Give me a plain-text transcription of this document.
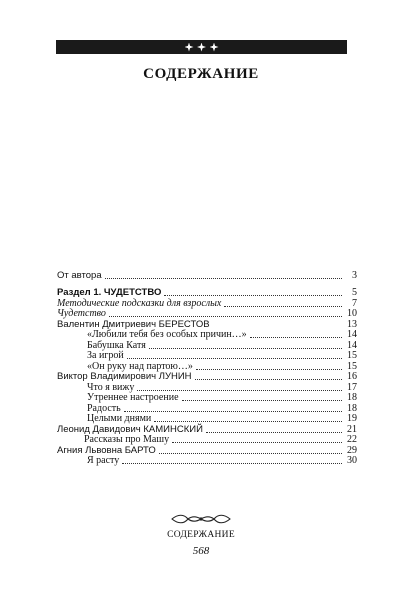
СОДЕРЖАНИЕ
От автора	3
Раздел 1. ЧУДЕТСТВО	5
Методические подсказки для взрослых	7
Чудетство	10
Валентин Дмитриевич БЕРЕСТОВ	13
«Любили тебя без особых причин…»	14
Бабушка Катя	14
За игрой	15
«Он руку над партою…»	15
Виктор Владимирович ЛУНИН	16
Что я вижу	17
Утреннее настроение	18
Радость	18
Целыми днями	19
Леонид Давидович КАМИНСКИЙ	21
Рассказы про Машу	22
Агния Львовна БАРТО	29
Я расту	30
СОДЕРЖАНИЕ
568
